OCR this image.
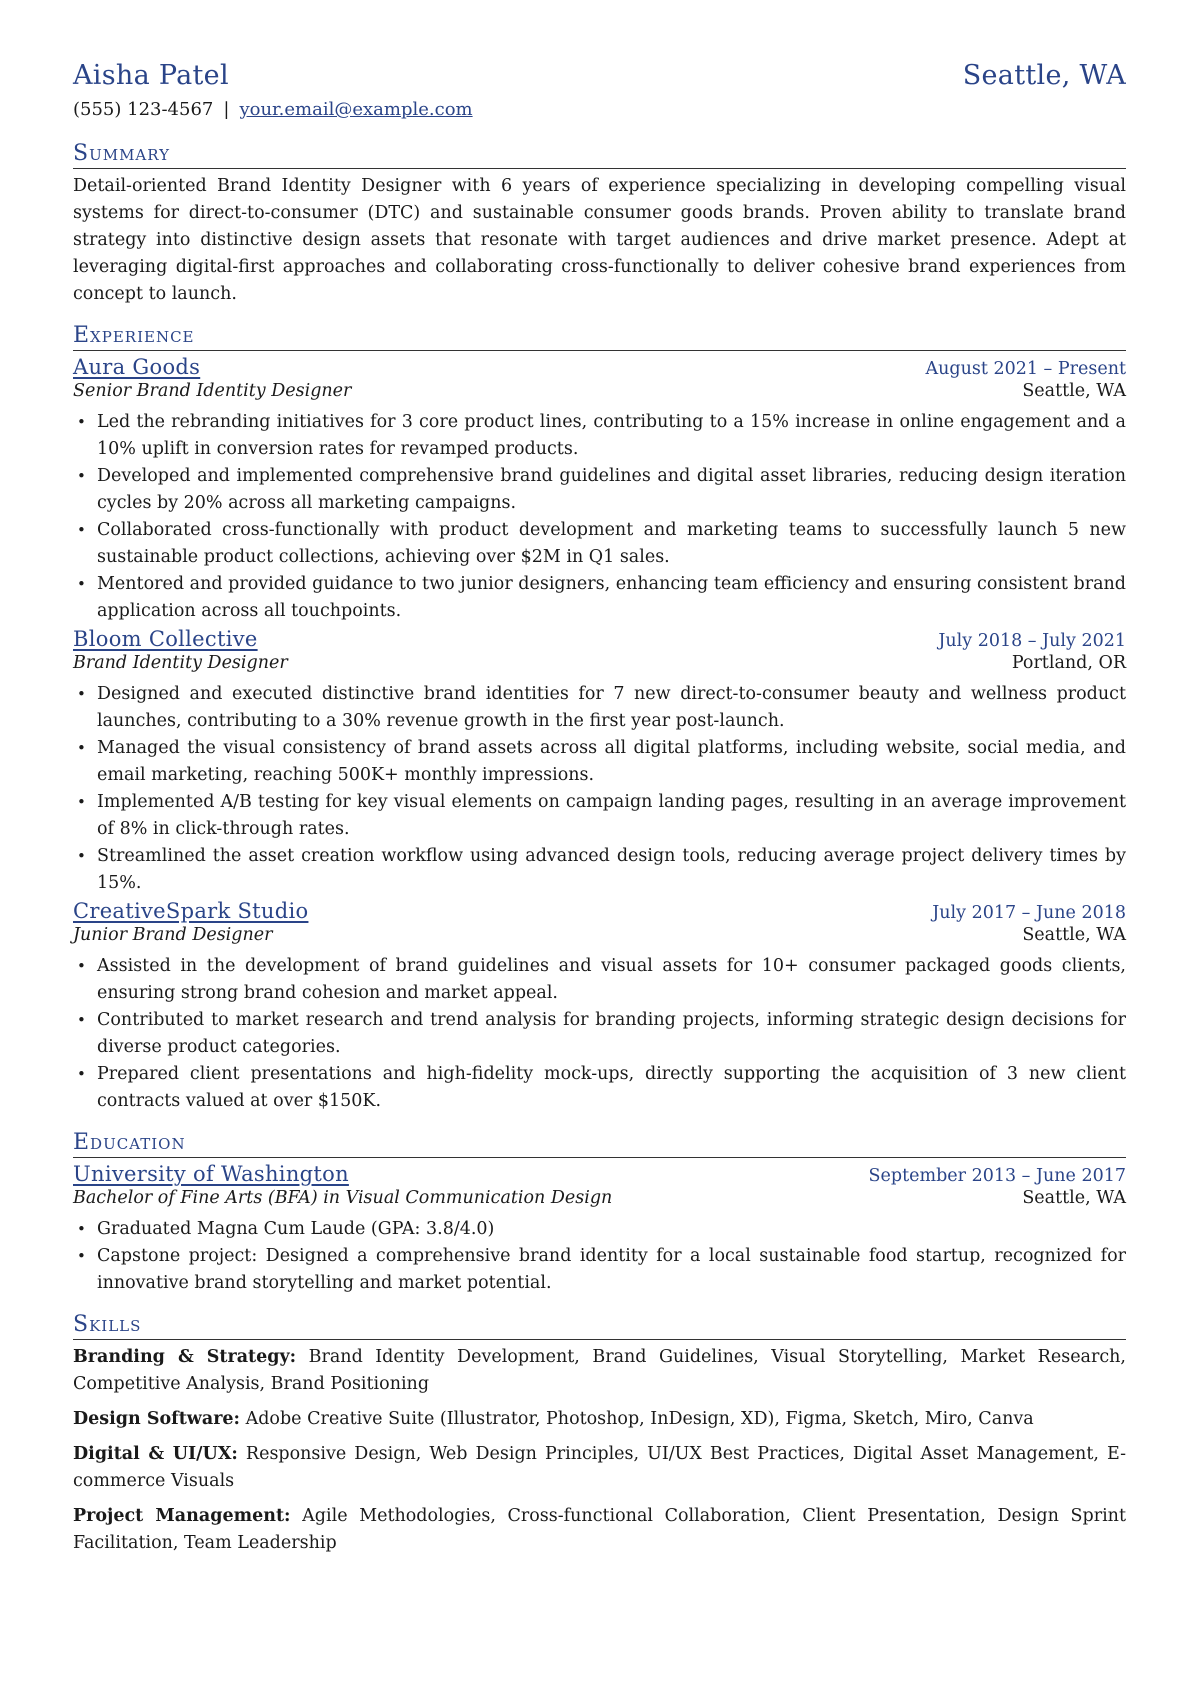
Aisha Patel	Seattle, WA
(555) 123-4567 | your.email@example.com
Summary
Detail-oriented Brand Identity Designer with 6 years of experience specializing in developing compelling visual systems for direct-to-consumer (DTC) and sustainable consumer goods brands. Proven ability to translate brand strategy into distinctive design assets that resonate with target audiences and drive market presence. Adept at leveraging digital-first approaches and collaborating cross-functionally to deliver cohesive brand experiences from concept to launch.
Experience
Aura Goods	August 2021 – Present
Senior Brand Identity Designer	Seattle, WA
• Led the rebranding initiatives for 3 core product lines, contributing to a 15% increase in online engagement and a 10% uplift in conversion rates for revamped products.
• Developed and implemented comprehensive brand guidelines and digital asset libraries, reducing design iteration cycles by 20% across all marketing campaigns.
• Collaborated cross-functionally with product development and marketing teams to successfully launch 5 new sustainable product collections, achieving over $2M in Q1 sales.
• Mentored and provided guidance to two junior designers, enhancing team efficiency and ensuring consistent brand application across all touchpoints.
Bloom Collective	July 2018 – July 2021
Brand Identity Designer	Portland, OR
• Designed and executed distinctive brand identities for 7 new direct-to-consumer beauty and wellness product launches, contributing to a 30% revenue growth in the first year post-launch.
• Managed the visual consistency of brand assets across all digital platforms, including website, social media, and email marketing, reaching 500K+ monthly impressions.
• Implemented A/B testing for key visual elements on campaign landing pages, resulting in an average improvement of 8% in click-through rates.
• Streamlined the asset creation workflow using advanced design tools, reducing average project delivery times by 15%.
CreativeSpark Studio	July 2017 – June 2018
Junior Brand Designer	Seattle, WA
• Assisted in the development of brand guidelines and visual assets for 10+ consumer packaged goods clients, ensuring strong brand cohesion and market appeal.
• Contributed to market research and trend analysis for branding projects, informing strategic design decisions for diverse product categories.
• Prepared client presentations and high-fidelity mock-ups, directly supporting the acquisition of 3 new client contracts valued at over $150K.
Education
University of Washington	September 2013 – June 2017
Bachelor of Fine Arts (BFA) in Visual Communication Design	Seattle, WA
• Graduated Magna Cum Laude (GPA: 3.8/4.0)
• Capstone project: Designed a comprehensive brand identity for a local sustainable food startup, recognized for innovative brand storytelling and market potential.
Skills
Branding & Strategy: Brand Identity Development, Brand Guidelines, Visual Storytelling, Market Research, Competitive Analysis, Brand Positioning
Design Software: Adobe Creative Suite (Illustrator, Photoshop, InDesign, XD), Figma, Sketch, Miro, Canva
Digital & UI/UX: Responsive Design, Web Design Principles, UI/UX Best Practices, Digital Asset Management, E-commerce Visuals
Project Management: Agile Methodologies, Cross-functional Collaboration, Client Presentation, Design Sprint Facilitation, Team Leadership
